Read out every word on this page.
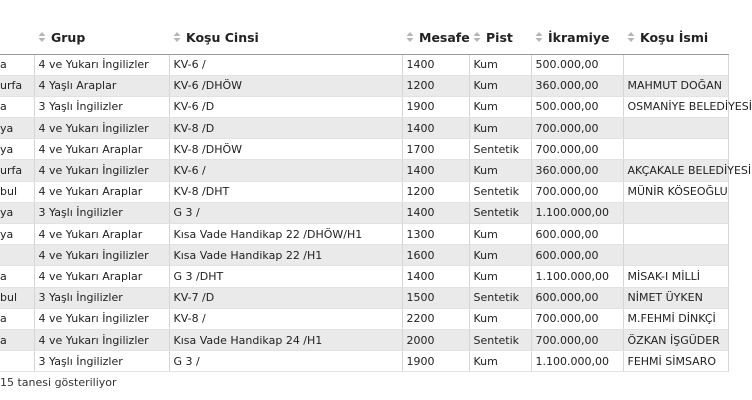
	Grup	Koşu Cinsi	Mesafe	Pist	İkramiye	Koşu İsmi
a	4 ve Yukarı İngilizler	KV-6 /	1400	Kum	500.000,00	
urfa	4 Yaşlı Araplar	KV-6 /DHÖW	1200	Kum	360.000,00	MAHMUT DOĞAN
a	3 Yaşlı İngilizler	KV-6 /D	1900	Kum	500.000,00	OSMANİYE BELEDİYESİ
ya	4 ve Yukarı İngilizler	KV-8 /D	1400	Kum	700.000,00	
ya	4 ve Yukarı Araplar	KV-8 /DHÖW	1700	Sentetik	700.000,00	
urfa	4 ve Yukarı İngilizler	KV-6 /	1400	Kum	360.000,00	AKÇAKALE BELEDİYESİ
bul	4 ve Yukarı Araplar	KV-8 /DHT	1200	Sentetik	700.000,00	MÜNİR KÖSEOĞLU
ya	3 Yaşlı İngilizler	G 3 /	1400	Sentetik	1.100.000,00	
ya	4 ve Yukarı Araplar	Kısa Vade Handikap 22 /DHÖW/H1	1300	Kum	600.000,00	
	4 ve Yukarı İngilizler	Kısa Vade Handikap 22 /H1	1600	Kum	600.000,00	
a	4 ve Yukarı Araplar	G 3 /DHT	1400	Kum	1.100.000,00	MİSAK-I MİLLİ
bul	3 Yaşlı İngilizler	KV-7 /D	1500	Sentetik	600.000,00	NİMET ÜYKEN
a	4 ve Yukarı İngilizler	KV-8 /	2200	Kum	700.000,00	M.FEHMİ DİNKÇİ
a	4 ve Yukarı İngilizler	Kısa Vade Handikap 24 /H1	2000	Sentetik	700.000,00	ÖZKAN İŞGÜDER
	3 Yaşlı İngilizler	G 3 /	1900	Kum	1.100.000,00	FEHMİ SİMSARO
15 tanesi gösteriliyor
